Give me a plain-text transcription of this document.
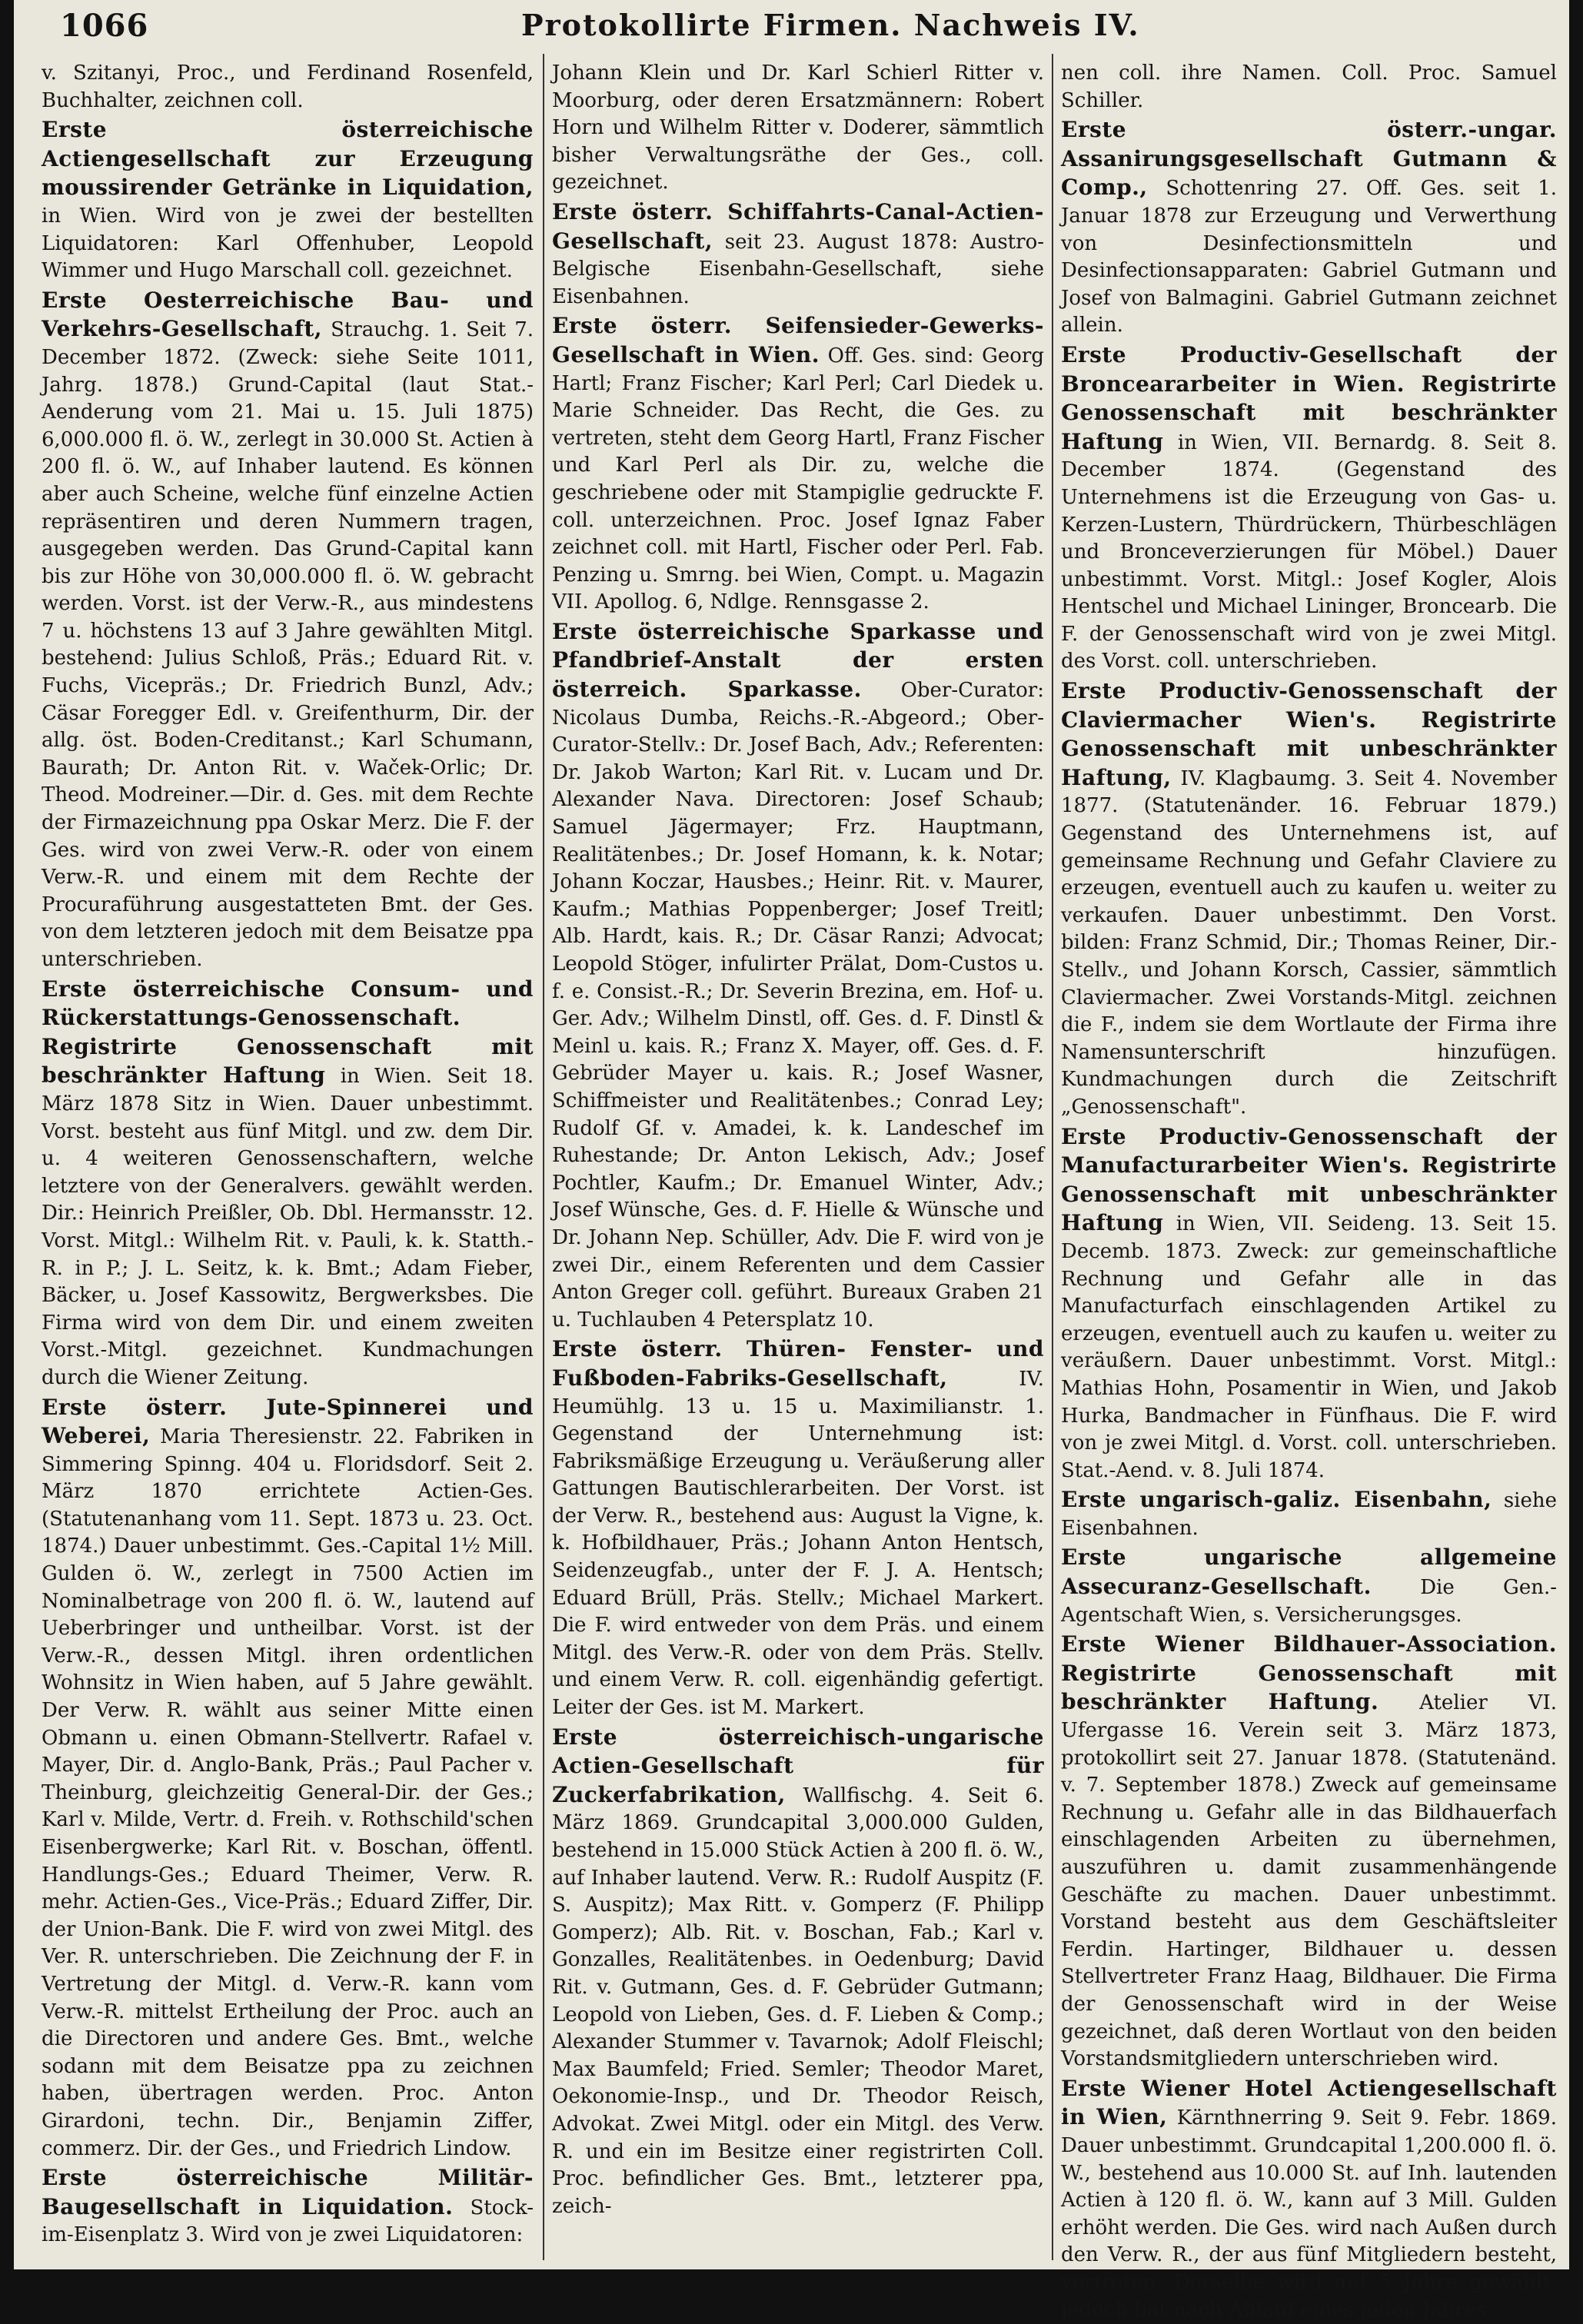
1066	Protokollirte Firmen. Nachweis IV.

v. Szitanyi, Proc., und Ferdinand Rosenfeld, Buchhalter, zeichnen coll.

Erste österreichische Actiengesellschaft zur Erzeugung moussirender Getränke in Liquidation, in Wien. Wird von je zwei der bestellten Liquidatoren: Karl Offenhuber, Leopold Wimmer und Hugo Marschall coll. gezeichnet.

Erste Oesterreichische Bau- und Verkehrs-Gesellschaft, Strauchg. 1. Seit 7. December 1872. (Zweck: siehe Seite 1011, Jahrg. 1878.) Grund-Capital (laut Stat.-Aenderung vom 21. Mai u. 15. Juli 1875) 6,000.000 fl. ö. W., zerlegt in 30.000 St. Actien à 200 fl. ö. W., auf Inhaber lautend. Es können aber auch Scheine, welche fünf einzelne Actien repräsentiren und deren Nummern tragen, ausgegeben werden. Das Grund-Capital kann bis zur Höhe von 30,000.000 fl. ö. W. gebracht werden. Vorst. ist der Verw.-R., aus mindestens 7 u. höchstens 13 auf 3 Jahre gewählten Mitgl. bestehend: Julius Schloß, Präs.; Eduard Rit. v. Fuchs, Vicepräs.; Dr. Friedrich Bunzl, Adv.; Cäsar Foregger Edl. v. Greifenthurm, Dir. der allg. öst. Boden-Creditanst.; Karl Schumann, Baurath; Dr. Anton Rit. v. Waček-Orlic; Dr. Theod. Modreiner.—Dir. d. Ges. mit dem Rechte der Firmazeichnung ppa Oskar Merz. Die F. der Ges. wird von zwei Verw.-R. oder von einem Verw.-R. und einem mit dem Rechte der Procuraführung ausgestatteten Bmt. der Ges. von dem letzteren jedoch mit dem Beisatze ppa unterschrieben.

Erste österreichische Consum- und Rückerstattungs-Genossenschaft. Registrirte Genossenschaft mit beschränkter Haftung in Wien. Seit 18. März 1878 Sitz in Wien. Dauer unbestimmt. Vorst. besteht aus fünf Mitgl. und zw. dem Dir. u. 4 weiteren Genossenschaftern, welche letztere von der Generalvers. gewählt werden. Dir.: Heinrich Preißler, Ob. Dbl. Hermansstr. 12. Vorst. Mitgl.: Wilhelm Rit. v. Pauli, k. k. Statth.-R. in P.; J. L. Seitz, k. k. Bmt.; Adam Fieber, Bäcker, u. Josef Kassowitz, Bergwerksbes. Die Firma wird von dem Dir. und einem zweiten Vorst.-Mitgl. gezeichnet. Kundmachungen durch die Wiener Zeitung.

Erste österr. Jute-Spinnerei und Weberei, Maria Theresienstr. 22. Fabriken in Simmering Spinng. 404 u. Floridsdorf. Seit 2. März 1870 errichtete Actien-Ges. (Statutenanhang vom 11. Sept. 1873 u. 23. Oct. 1874.) Dauer unbestimmt. Ges.-Capital 1½ Mill. Gulden ö. W., zerlegt in 7500 Actien im Nominalbetrage von 200 fl. ö. W., lautend auf Ueberbringer und untheilbar. Vorst. ist der Verw.-R., dessen Mitgl. ihren ordentlichen Wohnsitz in Wien haben, auf 5 Jahre gewählt. Der Verw. R. wählt aus seiner Mitte einen Obmann u. einen Obmann-Stellvertr. Rafael v. Mayer, Dir. d. Anglo-Bank, Präs.; Paul Pacher v. Theinburg, gleichzeitig General-Dir. der Ges.; Karl v. Milde, Vertr. d. Freih. v. Rothschild'schen Eisenbergwerke; Karl Rit. v. Boschan, öffentl. Handlungs-Ges.; Eduard Theimer, Verw. R. mehr. Actien-Ges., Vice-Präs.; Eduard Ziffer, Dir. der Union-Bank. Die F. wird von zwei Mitgl. des Ver. R. unterschrieben. Die Zeichnung der F. in Vertretung der Mitgl. d. Verw.-R. kann vom Verw.-R. mittelst Ertheilung der Proc. auch an die Directoren und andere Ges. Bmt., welche sodann mit dem Beisatze ppa zu zeichnen haben, übertragen werden. Proc. Anton Girardoni, techn. Dir., Benjamin Ziffer, commerz. Dir. der Ges., und Friedrich Lindow.

Erste österreichische Militär-Baugesellschaft in Liquidation. Stock-im-Eisenplatz 3. Wird von je zwei Liquidatoren:

Johann Klein und Dr. Karl Schierl Ritter v. Moorburg, oder deren Ersatzmännern: Robert Horn und Wilhelm Ritter v. Doderer, sämmtlich bisher Verwaltungsräthe der Ges., coll. gezeichnet.

Erste österr. Schiffahrts-Canal-Actien-Gesellschaft, seit 23. August 1878: Austro-Belgische Eisenbahn-Gesellschaft, siehe Eisenbahnen.

Erste österr. Seifensieder-Gewerks-Gesellschaft in Wien. Off. Ges. sind: Georg Hartl; Franz Fischer; Karl Perl; Carl Diedek u. Marie Schneider. Das Recht, die Ges. zu vertreten, steht dem Georg Hartl, Franz Fischer und Karl Perl als Dir. zu, welche die geschriebene oder mit Stampiglie gedruckte F. coll. unterzeichnen. Proc. Josef Ignaz Faber zeichnet coll. mit Hartl, Fischer oder Perl. Fab. Penzing u. Smrng. bei Wien, Compt. u. Magazin VII. Apollog. 6, Ndlge. Rennsgasse 2.

Erste österreichische Sparkasse und Pfandbrief-Anstalt der ersten österreich. Sparkasse. Ober-Curator: Nicolaus Dumba, Reichs.-R.-Abgeord.; Ober-Curator-Stellv.: Dr. Josef Bach, Adv.; Referenten: Dr. Jakob Warton; Karl Rit. v. Lucam und Dr. Alexander Nava. Directoren: Josef Schaub; Samuel Jägermayer; Frz. Hauptmann, Realitätenbes.; Dr. Josef Homann, k. k. Notar; Johann Koczar, Hausbes.; Heinr. Rit. v. Maurer, Kaufm.; Mathias Poppenberger; Josef Treitl; Alb. Hardt, kais. R.; Dr. Cäsar Ranzi; Advocat; Leopold Stöger, infulirter Prälat, Dom-Custos u. f. e. Consist.-R.; Dr. Severin Brezina, em. Hof- u. Ger. Adv.; Wilhelm Dinstl, off. Ges. d. F. Dinstl & Meinl u. kais. R.; Franz X. Mayer, off. Ges. d. F. Gebrüder Mayer u. kais. R.; Josef Wasner, Schiffmeister und Realitätenbes.; Conrad Ley; Rudolf Gf. v. Amadei, k. k. Landeschef im Ruhestande; Dr. Anton Lekisch, Adv.; Josef Pochtler, Kaufm.; Dr. Emanuel Winter, Adv.; Josef Wünsche, Ges. d. F. Hielle & Wünsche und Dr. Johann Nep. Schüller, Adv. Die F. wird von je zwei Dir., einem Referenten und dem Cassier Anton Greger coll. geführt. Bureaux Graben 21 u. Tuchlauben 4 Petersplatz 10.

Erste österr. Thüren- Fenster- und Fußboden-Fabriks-Gesellschaft,	IV. Heumühlg. 13 u. 15 u. Maximilianstr. 1. Gegenstand der Unternehmung ist: Fabriksmäßige Erzeugung u. Veräußerung aller Gattungen Bautischlerarbeiten. Der Vorst. ist der Verw. R., bestehend aus: August la Vigne, k. k. Hofbildhauer, Präs.; Johann Anton Hentsch, Seidenzeugfab., unter der F. J. A. Hentsch; Eduard Brüll, Präs. Stellv.; Michael Markert. Die F. wird entweder von dem Präs. und einem Mitgl. des Verw.-R. oder von dem Präs. Stellv. und einem Verw. R. coll. eigenhändig gefertigt. Leiter der Ges. ist M. Markert.

Erste österreichisch-ungarische Actien-Gesellschaft für Zuckerfabrikation, Wallfischg. 4. Seit 6. März 1869. Grundcapital 3,000.000 Gulden, bestehend in 15.000 Stück Actien à 200 fl. ö. W., auf Inhaber lautend. Verw. R.: Rudolf Auspitz (F. S. Auspitz); Max Ritt. v. Gomperz (F. Philipp Gomperz); Alb. Rit. v. Boschan, Fab.; Karl v. Gonzalles, Realitätenbes. in Oedenburg; David Rit. v. Gutmann, Ges. d. F. Gebrüder Gutmann; Leopold von Lieben, Ges. d. F. Lieben & Comp.; Alexander Stummer v. Tavarnok; Adolf Fleischl; Max Baumfeld; Fried. Semler; Theodor Maret, Oekonomie-Insp., und Dr. Theodor Reisch, Advokat. Zwei Mitgl. oder ein Mitgl. des Verw. R. und ein im Besitze einer registrirten Coll. Proc. befindlicher Ges. Bmt., letzterer ppa, zeich-

nen coll. ihre Namen. Coll. Proc. Samuel Schiller.

Erste österr.-ungar. Assanirungsgesellschaft Gutmann & Comp., Schottenring 27. Off. Ges. seit 1. Januar 1878 zur Erzeugung und Verwerthung von Desinfectionsmitteln und Desinfectionsapparaten: Gabriel Gutmann und Josef von Balmagini. Gabriel Gutmann zeichnet allein.

Erste Productiv-Gesellschaft der Bronceararbeiter in Wien. Registrirte Genossenschaft mit beschränkter Haftung in Wien, VII. Bernardg. 8. Seit 8. December 1874. (Gegenstand des Unternehmens ist die Erzeugung von Gas- u. Kerzen-Lustern, Thürdrückern, Thürbeschlägen und Bronceverzierungen für Möbel.) Dauer unbestimmt. Vorst. Mitgl.: Josef Kogler, Alois Hentschel und Michael Lininger, Broncearb. Die F. der Genossenschaft wird von je zwei Mitgl. des Vorst. coll. unterschrieben.

Erste Productiv-Genossenschaft der Claviermacher Wien's. Registrirte Genossenschaft mit unbeschränkter Haftung, IV. Klagbaumg. 3. Seit 4. November 1877. (Statutenänder. 16. Februar 1879.) Gegenstand des Unternehmens ist, auf gemeinsame Rechnung und Gefahr Claviere zu erzeugen, eventuell auch zu kaufen u. weiter zu verkaufen. Dauer unbestimmt. Den Vorst. bilden: Franz Schmid, Dir.; Thomas Reiner, Dir.-Stellv., und Johann Korsch, Cassier, sämmtlich Claviermacher. Zwei Vorstands-Mitgl. zeichnen die F., indem sie dem Wortlaute der Firma ihre Namensunterschrift hinzufügen. Kundmachungen durch die Zeitschrift „Genossenschaft".

Erste Productiv-Genossenschaft der Manufacturarbeiter Wien's. Registrirte Genossenschaft mit unbeschränkter Haftung in Wien, VII. Seideng. 13. Seit 15. Decemb. 1873. Zweck: zur gemeinschaftliche Rechnung und Gefahr alle in das Manufacturfach einschlagenden Artikel zu erzeugen, eventuell auch zu kaufen u. weiter zu veräußern. Dauer unbestimmt. Vorst. Mitgl.: Mathias Hohn, Posamentir in Wien, und Jakob Hurka, Bandmacher in Fünfhaus. Die F. wird von je zwei Mitgl. d. Vorst. coll. unterschrieben. Stat.-Aend. v. 8. Juli 1874.

Erste ungarisch-galiz. Eisenbahn, siehe Eisenbahnen.

Erste ungarische allgemeine Assecuranz-Gesellschaft. Die Gen.-Agentschaft Wien, s. Versicherungsges.

Erste Wiener Bildhauer-Association. Registrirte Genossenschaft mit beschränkter Haftung. Atelier VI. Ufergasse 16. Verein seit 3. März 1873, protokollirt seit 27. Januar 1878. (Statutenänd. v. 7. September 1878.) Zweck auf gemeinsame Rechnung u. Gefahr alle in das Bildhauerfach einschlagenden Arbeiten zu übernehmen, auszuführen u. damit zusammenhängende Geschäfte zu machen. Dauer unbestimmt. Vorstand besteht aus dem Geschäftsleiter Ferdin. Hartinger, Bildhauer u. dessen Stellvertreter Franz Haag, Bildhauer. Die Firma der Genossenschaft wird in der Weise gezeichnet, daß deren Wortlaut von den beiden Vorstandsmitgliedern unterschrieben wird.

Erste Wiener Hotel Actiengesellschaft in Wien, Kärnthnerring 9. Seit 9. Febr. 1869. Dauer unbestimmt. Grundcapital 1,200.000 fl. ö. W., bestehend aus 10.000 St. auf Inh. lautenden Actien à 120 fl. ö. W., kann auf 3 Mill. Gulden erhöht werden. Die Ges. wird nach Außen durch den Verw. R., der aus fünf Mitgliedern besteht, vertreten. Derselbe wird auf 5 Jahre gewählt, jedoch hat nach Ablauf eines jeden Jahres
